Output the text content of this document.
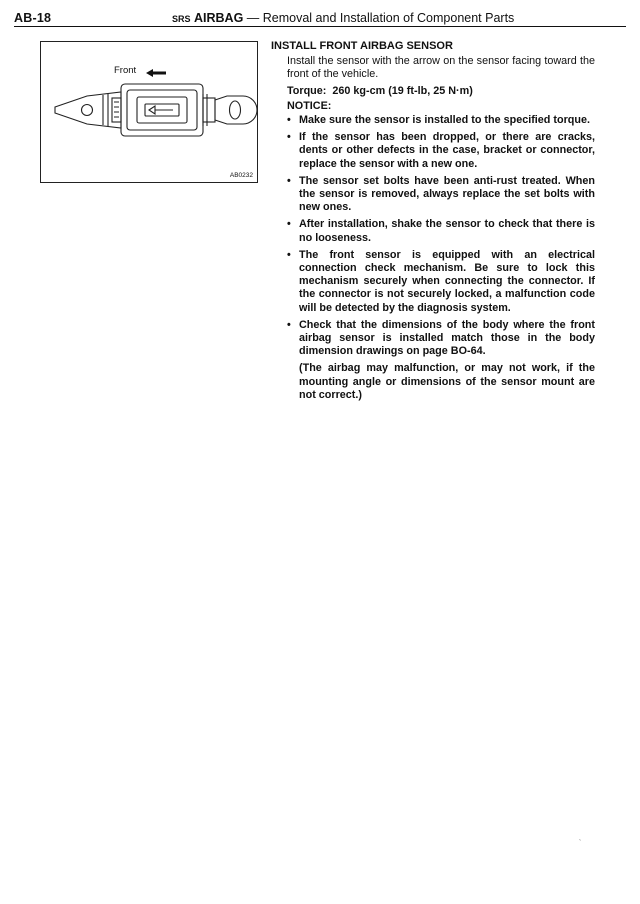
AB-18	SRS AIRBAG — Removal and Installation of Component Parts
Front
AB0232
INSTALL FRONT AIRBAG SENSOR
Install the sensor with the arrow on the sensor facing toward the front of the vehicle.
Torque: 260 kg-cm (19 ft-lb, 25 N·m)
NOTICE:
• Make sure the sensor is installed to the specified torque.
• If the sensor has been dropped, or there are cracks, dents or other defects in the case, bracket or connector, replace the sensor with a new one.
• The sensor set bolts have been anti-rust treated. When the sensor is removed, always replace the set bolts with new ones.
• After installation, shake the sensor to check that there is no looseness.
• The front sensor is equipped with an electrical connection check mechanism. Be sure to lock this mechanism securely when connecting the connector. If the connector is not securely locked, a malfunction code will be detected by the diagnosis system.
• Check that the dimensions of the body where the front airbag sensor is installed match those in the body dimension drawings on page BO-64.
(The airbag may malfunction, or may not work, if the mounting angle or dimensions of the sensor mount are not correct.)
ˎ
